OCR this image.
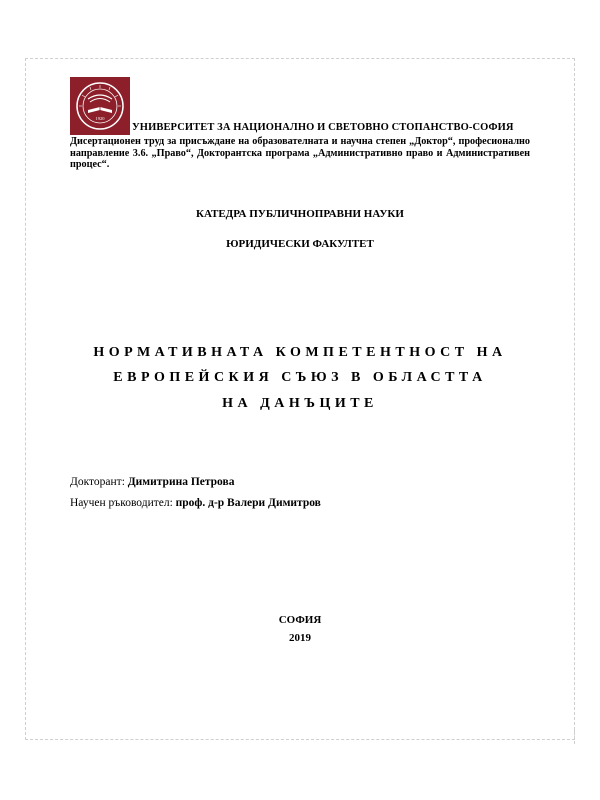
1920
УНИВЕРСИТЕТ ЗА НАЦИОНАЛНО И СВЕТОВНО СТОПАНСТВО-СОФИЯ
Дисертационен труд за присъждане на образователната и научна степен „Доктор“, професионално направление 3.6. „Право“, Докторантска програма „Административно право и Административен процес“.
КАТЕДРА ПУБЛИЧНОПРАВНИ НАУКИ
ЮРИДИЧЕСКИ ФАКУЛТЕТ
НОРМАТИВНАТА КОМПЕТЕНТНОСТ НА
ЕВРОПЕЙСКИЯ СЪЮЗ В ОБЛАСТТА
НА ДАНЪЦИТЕ
Докторант: Димитрина Петрова
Научен ръководител: проф. д-р Валери Димитров
СОФИЯ
2019
